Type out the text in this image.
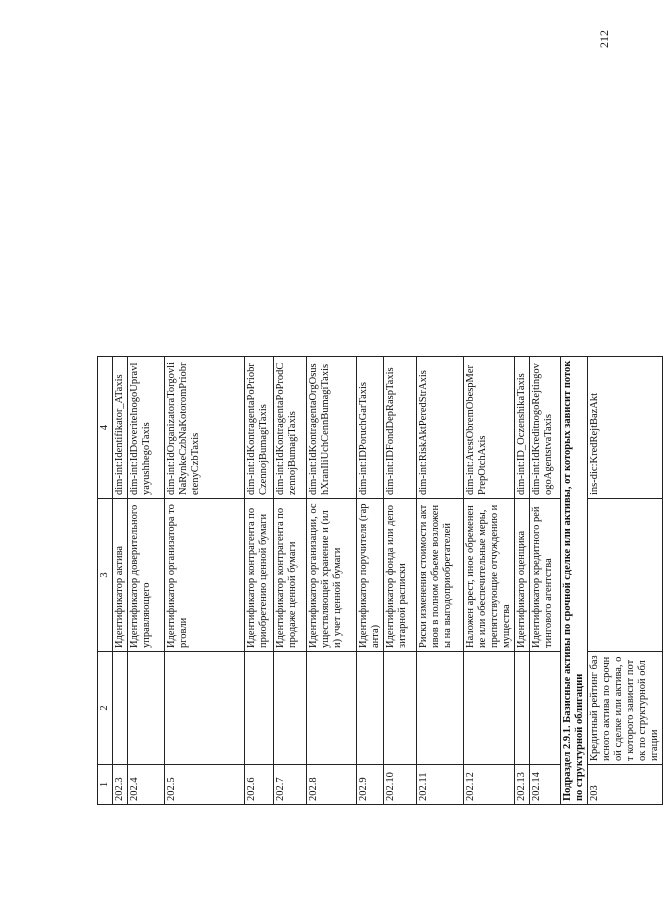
1	2	3	4
202.3		Идентификатор актива	dim-int:Identifikator_ATaxis
202.4		Идентификатор доверительного управляющего	dim-int:IdDoveritelnogoUpravlyayushhegoTaxis
202.5		Идентификатор организатора торговли	dim-int:IdOrganizatoraTorgovliNaRynkeCzbNaKotoromPriobretenyCzbTaxis
202.6		Идентификатор контрагента по приобретению ценной бумаги	dim-int:IdKontragentaPoPriobrCzennojBumagiTaxis
202.7		Идентификатор контрагента по продаже ценной бумаги	dim-int:IdKontragentaPoProdCzennojBumagiTaxis
202.8		Идентификатор организации, осуществляющей хранение и (или) учет ценной бумаги	dim-int:IdKontragentaOrgOsushXranIliUchCennBumagiTaxis
202.9		Идентификатор поручителя (гаранта)	dim-int:IDPoruchGarTaxis
202.10		Идентификатор фонда или депозитарной расписки	dim-int:IDFondDepRaspTaxis
202.11		Риски изменения стоимости активов в полном объеме возложены на выгодоприобретателей	dim-int:RiskAktPeredStrAxis
202.12		Наложен арест, иное обременение или обеспечительные меры, препятствующие отчуждению имущества	dim-int:ArestObremObespMerPrepOtchAxis
202.13		Идентификатор оценщика	dim-int:ID_OczenshikaTaxis
202.14		Идентификатор кредитного рейтингового агентства	dim-int:IdKreditnogoRejtingovogoAgentstvaTaxis
Подраздел 2.9.1. Базисные активы по срочной сделке или активы, от которых зависит поток по структурной облигации			
203	Кредитный рейтинг базисного актива по срочной сделке или актива, от которого зависит поток по структурной облигации		ins-dic:KredRejtBazAkt
212
